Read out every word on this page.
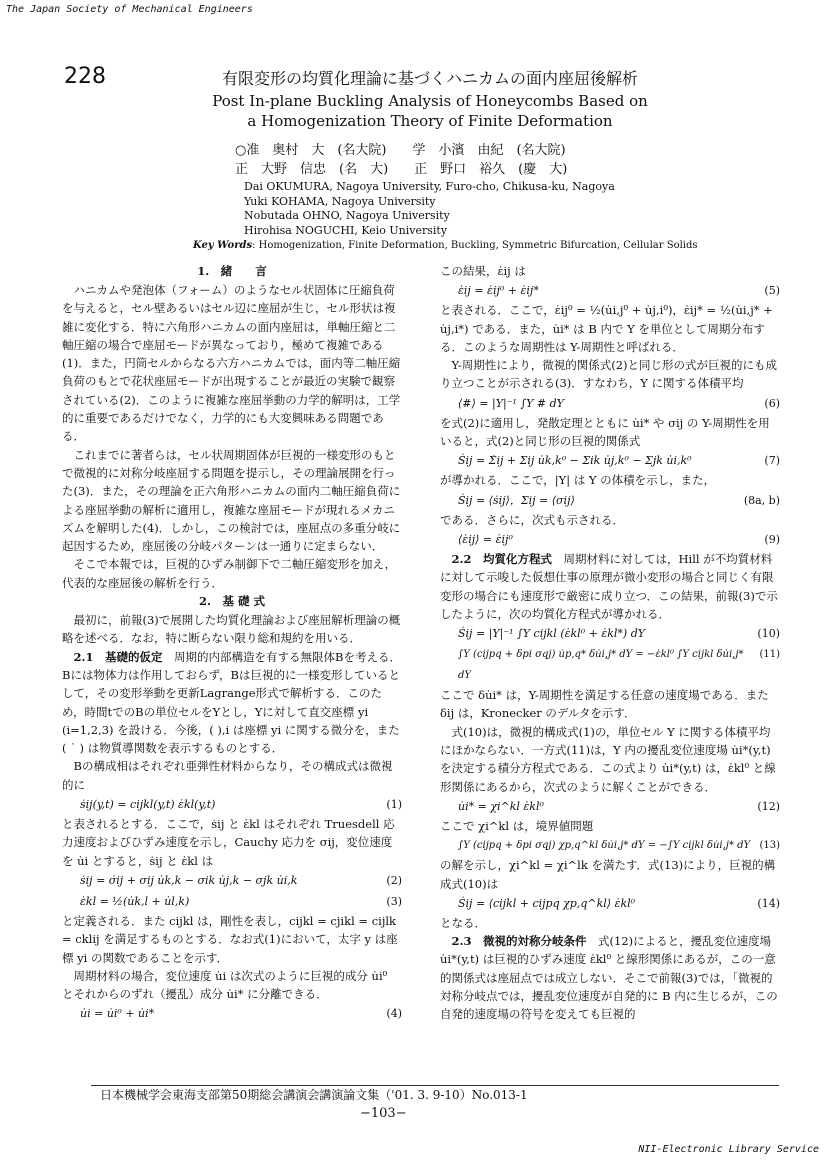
The Japan Society of Mechanical Engineers
228	有限変形の均質化理論に基づくハニカムの面内座屈後解析
Post In-plane Buckling Analysis of Honeycombs Based on
a Homogenization Theory of Finite Deformation
○准　奥村　大　(名大院)　　学　小濱　由紀　(名大院)
正　大野　信忠　(名　大)　　正　野口　裕久　(慶　大)
Dai OKUMURA, Nagoya University, Furo-cho, Chikusa-ku, Nagoya
Yuki KOHAMA, Nagoya University
Nobutada OHNO, Nagoya University
Hirohisa NOGUCHI, Keio University
Key Words: Homogenization, Finite Deformation, Buckling, Symmetric Bifurcation, Cellular Solids
1.　緒　　言

ハニカムや発泡体（フォーム）のようなセル状固体に圧縮負荷を与えると，セル壁あるいはセル辺に座屈が生じ，セル形状は複雑に変化する．特に六角形ハニカムの面内座屈は，単軸圧縮と二軸圧縮の場合で座屈モードが異なっており，極めて複雑である(1)．また，円筒セルからなる六方ハニカムでは，面内等二軸圧縮負荷のもとで花状座屈モードが出現することが最近の実験で観察されている(2)．このように複雑な座屈挙動の力学的解明は，工学的に重要であるだけでなく，力学的にも大変興味ある問題である．

これまでに著者らは，セル状周期固体が巨視的一様変形のもとで微視的に対称分岐座屈する問題を提示し，その理論展開を行った(3)．また，その理論を正六角形ハニカムの面内二軸圧縮負荷による座屈挙動の解析に適用し，複雑な座屈モードが現れるメカニズムを解明した(4)．しかし，この検討では，座屈点の多重分岐に起因するため，座屈後の分岐パターンは一通りに定まらない．

そこで本報では，巨視的ひずみ制御下で二軸圧縮変形を加え，代表的な座屈後の解析を行う．

2.　基 礎 式

最初に，前報(3)で展開した均質化理論および座屈解析理論の概略を述べる．なお，特に断らない限り総和規約を用いる．

2.1　基礎的仮定　 周期的内部構造を有する無限体Bを考える．Bには物体力は作用しておらず，Bは巨視的に一様変形しているとして，その変形挙動を更新Lagrange形式で解析する．このため，時間tでのBの単位セルをYとし，Yに対して直交座標 yi (i=1,2,3) を設ける．今後，( ),i は座標 yi に関する微分を，また ( ˙ ) は物質導関数を表示するものとする．

Bの構成相はそれぞれ亜弾性材料からなり，その構成式は微視的に

ṡij(y,t) = cijkl(y,t) ε̇kl(y,t)	(1)

と表されるとする．ここで，ṡij と ε̇kl はそれぞれ Truesdell 応力速度およびひずみ速度を示し，Cauchy 応力を σij，変位速度を u̇i とすると，ṡij と ε̇kl は

ṡij = σ̇ij + σij u̇k,k − σik u̇j,k − σjk u̇i,k	(2)
ε̇kl = ½(u̇k,l + u̇l,k)	(3)

と定義される．また cijkl は，剛性を表し，cijkl = cjikl = cijlk = cklij を満足するものとする．なお式(1)において，太字 y は座標 yi の関数であることを示す．

周期材料の場合，変位速度 u̇i は次式のように巨視的成分 u̇i⁰ とそれからのずれ（擾乱）成分 u̇i* に分離できる．

u̇i = u̇i⁰ + u̇i*	(4)

この結果，ε̇ij は

ε̇ij = ε̇ij⁰ + ε̇ij*	(5)

と表される．ここで，ε̇ij⁰ = ½(u̇i,j⁰ + u̇j,i⁰)，ε̇ij* = ½(u̇i,j* + u̇j,i*) である．また，u̇i* は B 内で Y を単位として周期分布する．このような周期性は Y-周期性と呼ばれる．

Y-周期性により，微視的関係式(2)と同じ形の式が巨視的にも成り立つことが示される(3)．すなわち，Y に関する体積平均

⟨#⟩ = |Y|⁻¹ ∫Y # dY	(6)

を式(2)に適用し，発散定理とともに u̇i* や σij の Y-周期性を用いると，式(2)と同じ形の巨視的関係式

Ṡij = Σ̇ij + Σij u̇k,k⁰ − Σik u̇j,k⁰ − Σjk u̇i,k⁰	(7)

が導かれる．ここで，|Y| は Y の体積を示し，また，

Ṡij = ⟨ṡij⟩，Σij = ⟨σij⟩	(8a, b)

である．さらに，次式も示される．

⟨ε̇ij⟩ = ε̇ij⁰	(9)

2.2　均質化方程式　 周期材料に対しては，Hill が不均質材料に対して示唆した仮想仕事の原理が微小変形の場合と同じく有限変形の場合にも速度形で厳密に成り立つ．この結果，前報(3)で示したように，次の均質化方程式が導かれる．

Ṡij = |Y|⁻¹ ∫Y cijkl (ε̇kl⁰ + ε̇kl*) dY	(10)
∫Y (cijpq + δpi σqj) u̇p,q* δu̇i,j* dY = −ε̇kl⁰ ∫Y cijkl δu̇i,j* dY
(11)

ここで δu̇i* は，Y-周期性を満足する任意の速度場である．また δij は，Kronecker のデルタを示す．

式(10)は，微視的構成式(1)の，単位セル Y に関する体積平均にほかならない．一方式(11)は，Y 内の擾乱変位速度場 u̇i*(y,t) を決定する積分方程式である．この式より u̇i*(y,t) は，ε̇kl⁰ と線形関係にあるから，次式のように解くことができる．

u̇i* = χi^kl ε̇kl⁰	(12)

ここで χi^kl は，境界値問題

∫Y (cijpq + δpi σqj) χp,q^kl δu̇i,j* dY = −∫Y cijkl δu̇i,j* dY (13)

の解を示し，χi^kl = χi^lk を満たす．式(13)により，巨視的構成式(10)は

Ṡij = ⟨cijkl + cijpq χp,q^kl⟩ ε̇kl⁰	(14)

となる．

2.3　微視的対称分岐条件　 式(12)によると，擾乱変位速度場 u̇i*(y,t) は巨視的ひずみ速度 ε̇kl⁰ と線形関係にあるが，この一意的関係式は座屈点では成立しない．そこで前報(3)では，「微視的対称分岐点では，擾乱変位速度が自発的に B 内に生じるが，この自発的速度場の符号を変えても巨視的

日本機械学会東海支部第50期総会講演会講演論文集（'01. 3. 9-10）No.013-1
−103−
NII-Electronic Library Service
